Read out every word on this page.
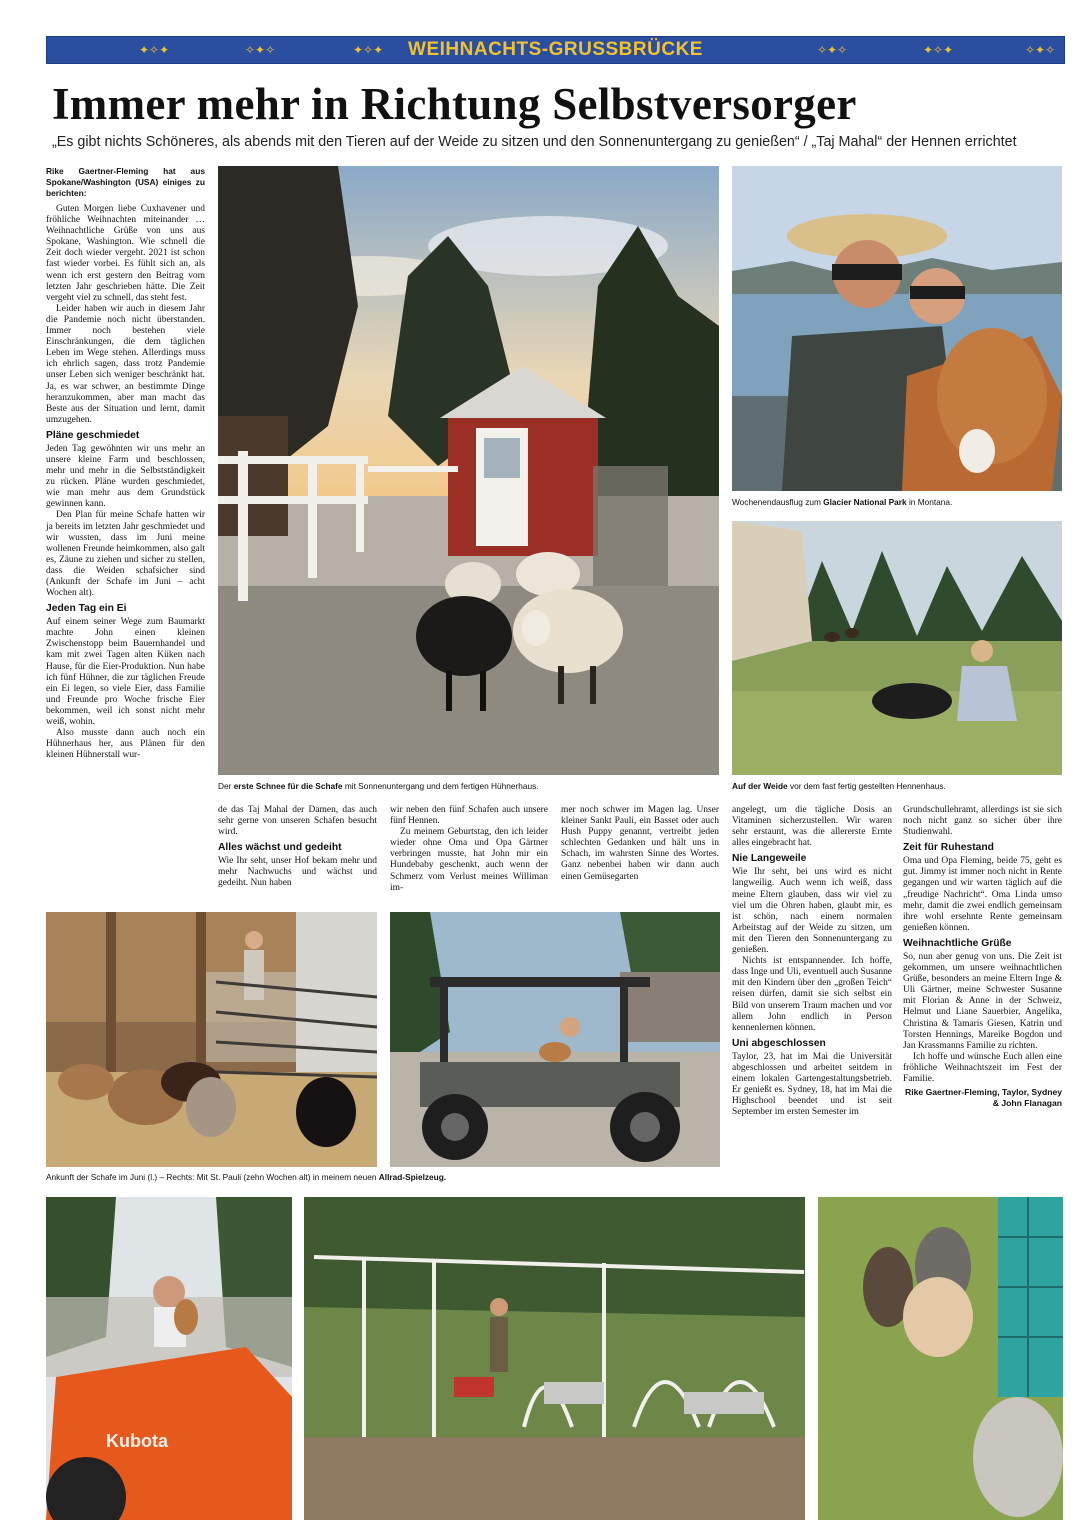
✦✧✦	✧✦✧	✦✧✦	✧✦✧	✦✧✦	✧✦✧
WEIHNACHTS-GRUSSBRÜCKE
Immer mehr in Richtung Selbstversorger
„Es gibt nichts Schöneres, als abends mit den Tieren auf der Weide zu sitzen und den Sonnenuntergang zu genießen“ / „Taj Mahal“ der Hennen errichtet

Rike Gaertner-Fleming hat aus Spokane/Washington (USA) einiges zu berichten:

Guten Morgen liebe Cuxhavener und fröhliche Weihnachten miteinander … Weihnachtliche Grüße von uns aus Spokane, Washington. Wie schnell die Zeit doch wieder vergeht. 2021 ist schon fast wieder vorbei. Es fühlt sich an, als wenn ich erst gestern den Beitrag vom letzten Jahr geschrieben hätte. Die Zeit vergeht viel zu schnell, das steht fest.

Leider haben wir auch in diesem Jahr die Pandemie noch nicht überstanden. Immer noch bestehen viele Einschränkungen, die dem täglichen Leben im Wege stehen. Allerdings muss ich ehrlich sagen, dass trotz Pandemie unser Leben sich weniger beschränkt hat. Ja, es war schwer, an bestimmte Dinge heranzukommen, aber man macht das Beste aus der Situation und lernt, damit umzugehen.

Pläne geschmiedet

Jeden Tag gewöhnten wir uns mehr an unsere kleine Farm und beschlossen, mehr und mehr in die Selbstständigkeit zu rücken. Pläne wurden geschmiedet, wie man mehr aus dem Grundstück gewinnen kann.

Den Plan für meine Schafe hatten wir ja bereits im letzten Jahr geschmiedet und wir wussten, dass im Juni meine wollenen Freunde heimkommen, also galt es, Zäune zu ziehen und sicher zu stellen, dass die Weiden schafsicher sind (Ankunft der Schafe im Juni – acht Wochen alt).

Jeden Tag ein Ei

Auf einem seiner Wege zum Baumarkt machte John einen kleinen Zwischenstopp beim Bauernhandel und kam mit zwei Tagen alten Küken nach Hause, für die Eier-Produktion. Nun habe ich fünf Hühner, die zur täglichen Freude ein Ei legen, so viele Eier, dass Familie und Freunde pro Woche frische Eier bekommen, weil ich sonst nicht mehr weiß, wohin.

Also musste dann auch noch ein Hühnerhaus her, aus Plänen für den kleinen Hühnerstall wur-

Der erste Schnee für die Schafe mit Sonnenuntergang und dem fertigen Hühnerhaus.
Wochenendausflug zum Glacier National Park in Montana.
Auf der Weide vor dem fast fertig gestellten Hennenhaus.

de das Taj Mahal der Damen, das auch sehr gerne von unseren Schafen besucht wird.

Alles wächst und gedeiht

Wie Ihr seht, unser Hof bekam mehr und mehr Nachwuchs und wächst und gedeiht. Nun haben

wir neben den fünf Schafen auch unsere fünf Hennen.

Zu meinem Geburtstag, den ich leider wieder ohne Oma und Opa Gärtner verbringen musste, hat John mir ein Hundebaby geschenkt, auch wenn der Schmerz vom Verlust meines Williman im-

mer noch schwer im Magen lag. Unser kleiner Sankt Pauli, ein Basset oder auch Hush Puppy genannt, vertreibt jeden schlechten Gedanken und hält uns in Schach, im wahrsten Sinne des Wortes. Ganz nebenbei haben wir dann auch einen Gemüsegarten

angelegt, um die tägliche Dosis an Vitaminen sicherzustellen. Wir waren sehr erstaunt, was die allererste Ernte alles eingebracht hat.

Nie Langeweile

Wie Ihr seht, bei uns wird es nicht langweilig. Auch wenn ich weiß, dass meine Eltern glauben, dass wir viel zu viel um die Ohren haben, glaubt mir, es ist schön, nach einem normalen Arbeitstag auf der Weide zu sitzen, um mit den Tieren den Sonnenuntergang zu genießen.

Nichts ist entspannender. Ich hoffe, dass Inge und Uli, eventuell auch Susanne mit den Kindern über den „großen Teich“ reisen dürfen, damit sie sich selbst ein Bild von unserem Traum machen und vor allem John endlich in Person kennenlernen können.

Uni abgeschlossen

Taylor, 23, hat im Mai die Universität abgeschlossen und arbeitet seitdem in einem lokalen Gartengestaltungsbetrieb. Er genießt es. Sydney, 18, hat im Mai die Highschool beendet und ist seit September im ersten Semester im

Grundschullehramt, allerdings ist sie sich noch nicht ganz so sicher über ihre Studienwahl.

Zeit für Ruhestand

Oma und Opa Fleming, beide 75, geht es gut. Jimmy ist immer noch nicht in Rente gegangen und wir warten täglich auf die „freudige Nachricht“. Oma Linda umso mehr, damit die zwei endlich gemeinsam ihre wohl ersehnte Rente gemeinsam genießen können.

Weihnachtliche Grüße

So, nun aber genug von uns. Die Zeit ist gekommen, um unsere weihnachtlichen Grüße, besonders an meine Eltern Inge & Uli Gärtner, meine Schwester Susanne mit Florian & Anne in der Schweiz, Helmut und Liane Sauerbier, Angelika, Christina & Tamaris Giesen, Katrin und Torsten Hennings, Mareike Bogdon und Jan Krassmanns Familie zu richten.

Ich hoffe und wünsche Euch allen eine fröhliche Weihnachtszeit im Fest der Familie.

Rike Gaertner-Fleming, Taylor, Sydney & John Flanagan
Ankunft der Schafe im Juni (l.) – Rechts: Mit St. Pauli (zehn Wochen alt) in meinem neuen Allrad-Spielzeug.
Kubota
